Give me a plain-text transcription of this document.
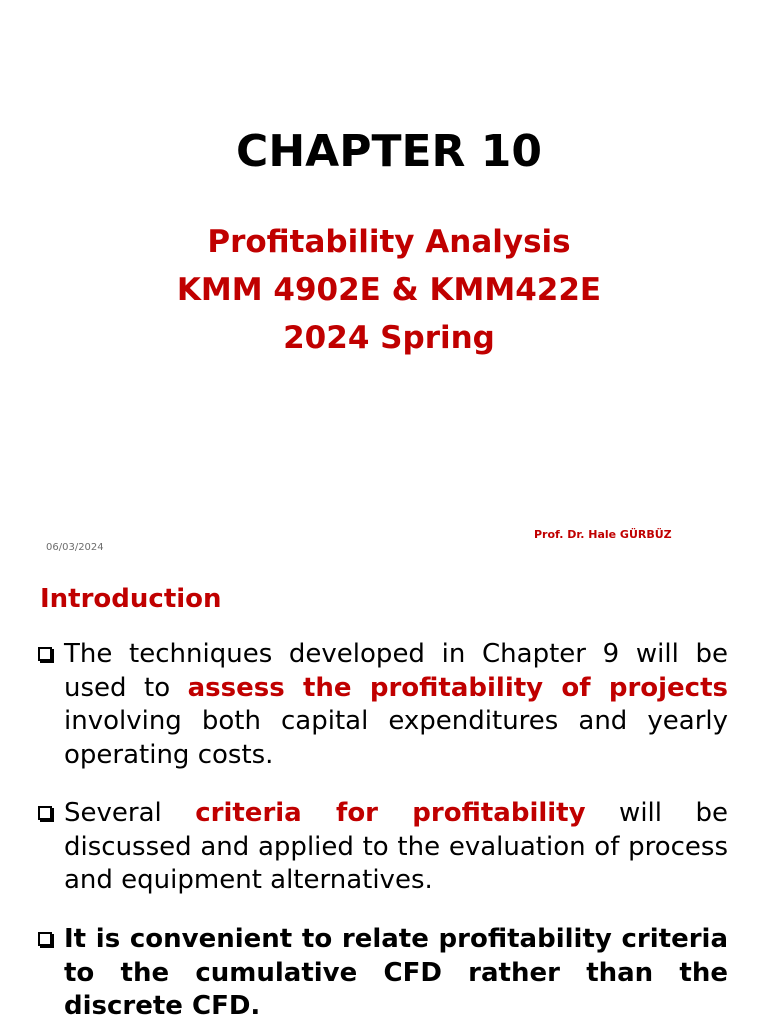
CHAPTER 10
Profitability Analysis
KMM 4902E & KMM422E
2024 Spring
06/03/2024
Prof. Dr. Hale GÜRBÜZ
Introduction
The techniques developed in Chapter 9 will be used to assess the profitability of projects involving both capital expenditures and yearly operating costs.
Several criteria for profitability will be discussed and applied to the evaluation of process and equipment alternatives.
It is convenient to relate profitability criteria to the cumulative CFD rather than the discrete CFD.
